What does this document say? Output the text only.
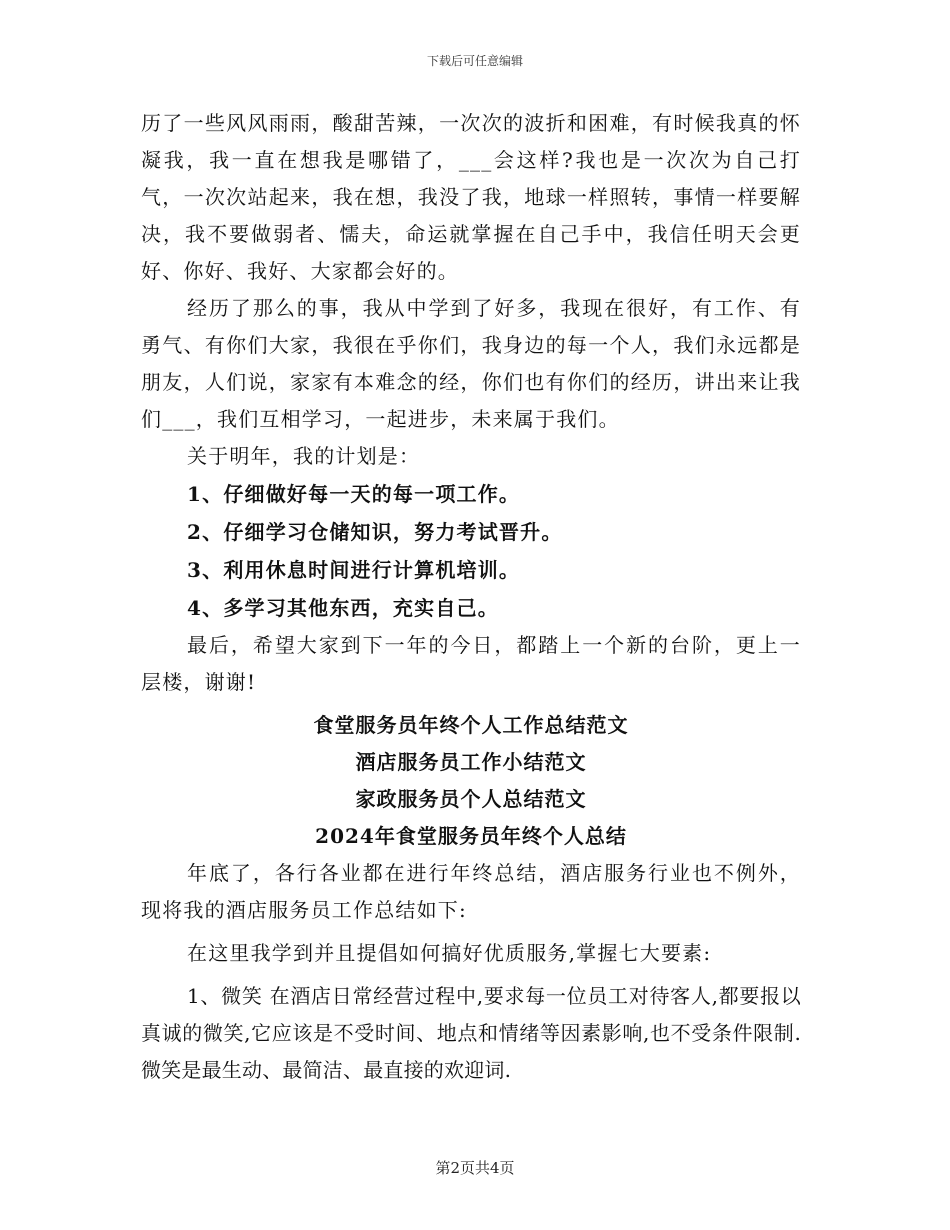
下载后可任意编辑

历了一些风风雨雨，酸甜苦辣，一次次的波折和困难，有时候我真的怀凝我，我一直在想我是哪错了，___会这样?我也是一次次为自己打气，一次次站起来，我在想，我没了我，地球一样照转，事情一样要解决，我不要做弱者、懦夫，命运就掌握在自己手中，我信任明天会更好、你好、我好、大家都会好的。

经历了那么的事，我从中学到了好多，我现在很好，有工作、有勇气、有你们大家，我很在乎你们，我身边的每一个人，我们永远都是朋友，人们说，家家有本难念的经，你们也有你们的经历，讲出来让我们___，我们互相学习，一起进步，未来属于我们。

关于明年，我的计划是：

1、仔细做好每一天的每一项工作。

2、仔细学习仓储知识，努力考试晋升。

3、利用休息时间进行计算机培训。

4、多学习其他东西，充实自己。

最后，希望大家到下一年的今日，都踏上一个新的台阶，更上一层楼，谢谢!

食堂服务员年终个人工作总结范文

酒店服务员工作小结范文

家政服务员个人总结范文

2024年食堂服务员年终个人总结

年底了，各行各业都在进行年终总结，酒店服务行业也不例外，现将我的酒店服务员工作总结如下:

在这里我学到并且提倡如何搞好优质服务,掌握七大要素:

1、微笑 在酒店日常经营过程中,要求每一位员工对待客人,都要报以真诚的微笑,它应该是不受时间、地点和情绪等因素影响,也不受条件限制.微笑是最生动、最简洁、最直接的欢迎词.

第2页共4页
